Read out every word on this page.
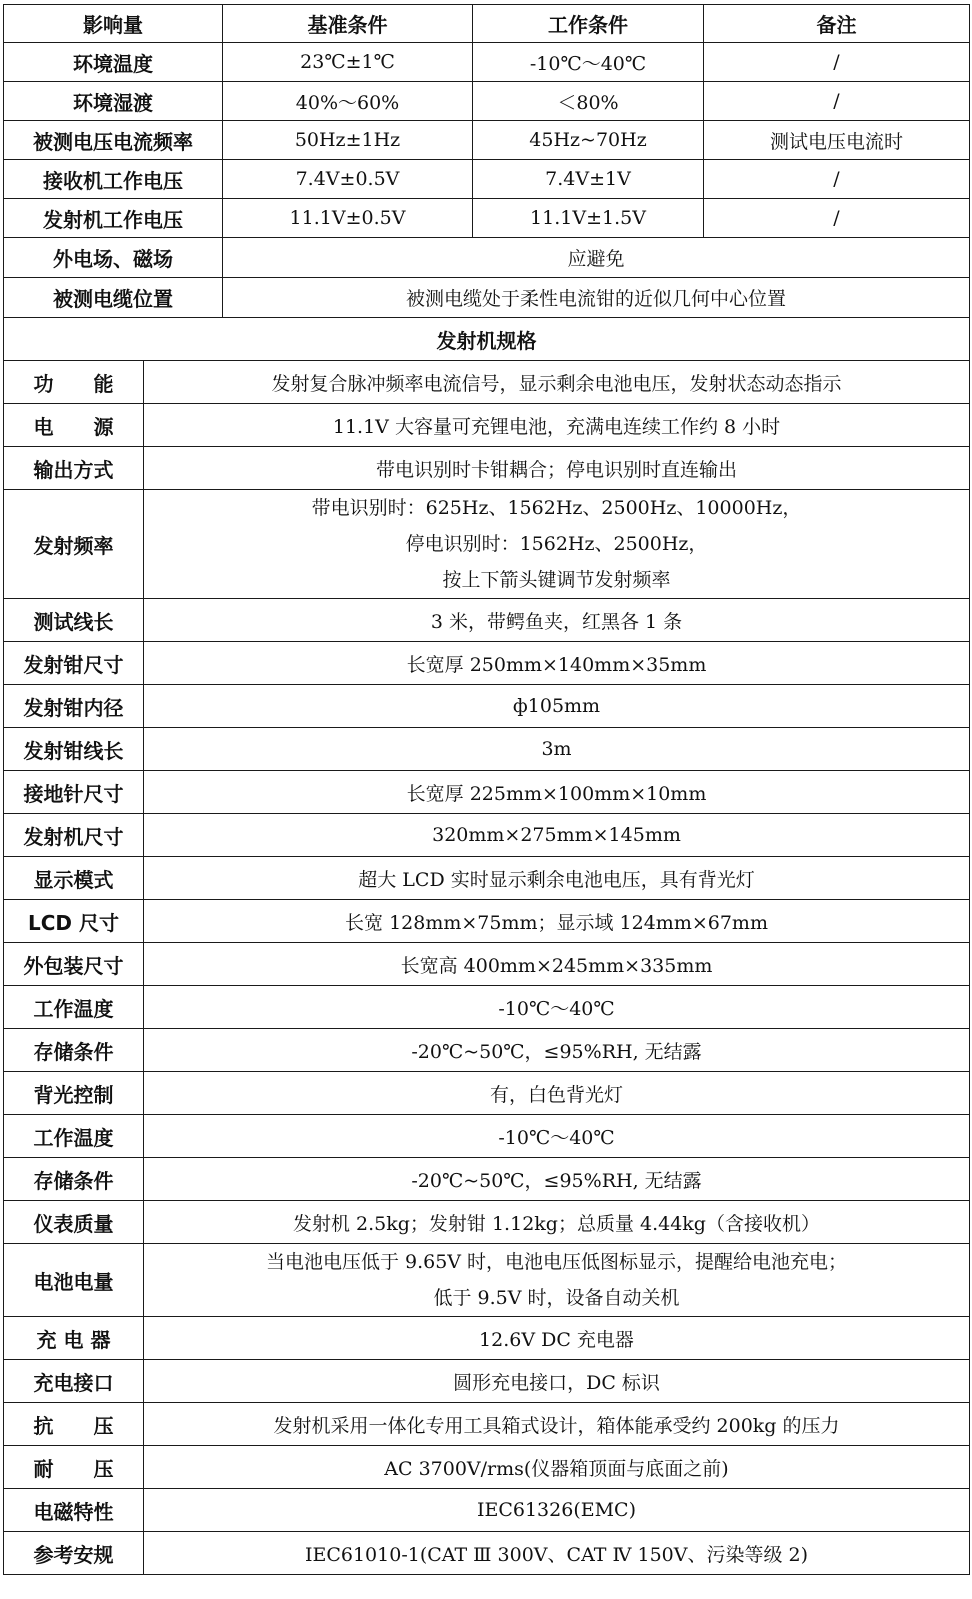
影响量		基准条件	工作条件	备注
环境温度		23℃±1℃	-10℃～40℃	/
环境湿渡		40%～60%	＜80%	/
被测电压电流频率		50Hz±1Hz	45Hz~70Hz	测试电压电流时
接收机工作电压		7.4V±0.5V	7.4V±1V	/
发射机工作电压		11.1V±0.5V	11.1V±1.5V	/
外电场、磁场		应避免		
被测电缆位置		被测电缆处于柔性电流钳的近似几何中心位置		
发射机规格				
功　　能	发射复合脉冲频率电流信号，显示剩余电池电压，发射状态动态指示			
电　　源	11.1V 大容量可充锂电池，充满电连续工作约 8 小时			
输出方式	带电识别时卡钳耦合；停电识别时直连输出			
发射频率	带电识别时：625Hz、1562Hz、2500Hz、10000Hz，
停电识别时：1562Hz、2500Hz，
按上下箭头键调节发射频率			

测试线长	3 米，带鳄鱼夹，红黑各 1 条			
发射钳尺寸	长宽厚 250mm×140mm×35mm			
发射钳内径	ф105mm			
发射钳线长	3m			
接地针尺寸	长宽厚 225mm×100mm×10mm			
发射机尺寸	320mm×275mm×145mm			
显示模式	超大 LCD 实时显示剩余电池电压，具有背光灯			
LCD 尺寸	长宽 128mm×75mm；显示域 124mm×67mm			
外包装尺寸	长宽高 400mm×245mm×335mm			
工作温度	-10℃～40℃			
存储条件	-20℃~50℃，≤95%RH, 无结露			
背光控制	有，白色背光灯			
工作温度	-10℃～40℃			
存储条件	-20℃~50℃，≤95%RH, 无结露			
仪表质量	发射机 2.5kg；发射钳 1.12kg；总质量 4.44kg（含接收机）			
电池电量	当电池电压低于 9.65V 时，电池电压低图标显示，提醒给电池充电；
低于 9.5V 时，设备自动关机			

充 电 器	12.6V DC 充电器			
充电接口	圆形充电接口，DC 标识			
抗　　压	发射机采用一体化专用工具箱式设计，箱体能承受约 200kg 的压力			
耐　　压	AC 3700V/rms(仪器箱顶面与底面之前)			
电磁特性	IEC61326(EMC)			
参考安规	IEC61010-1(CAT Ⅲ 300V、CAT Ⅳ 150V、污染等级 2)			
